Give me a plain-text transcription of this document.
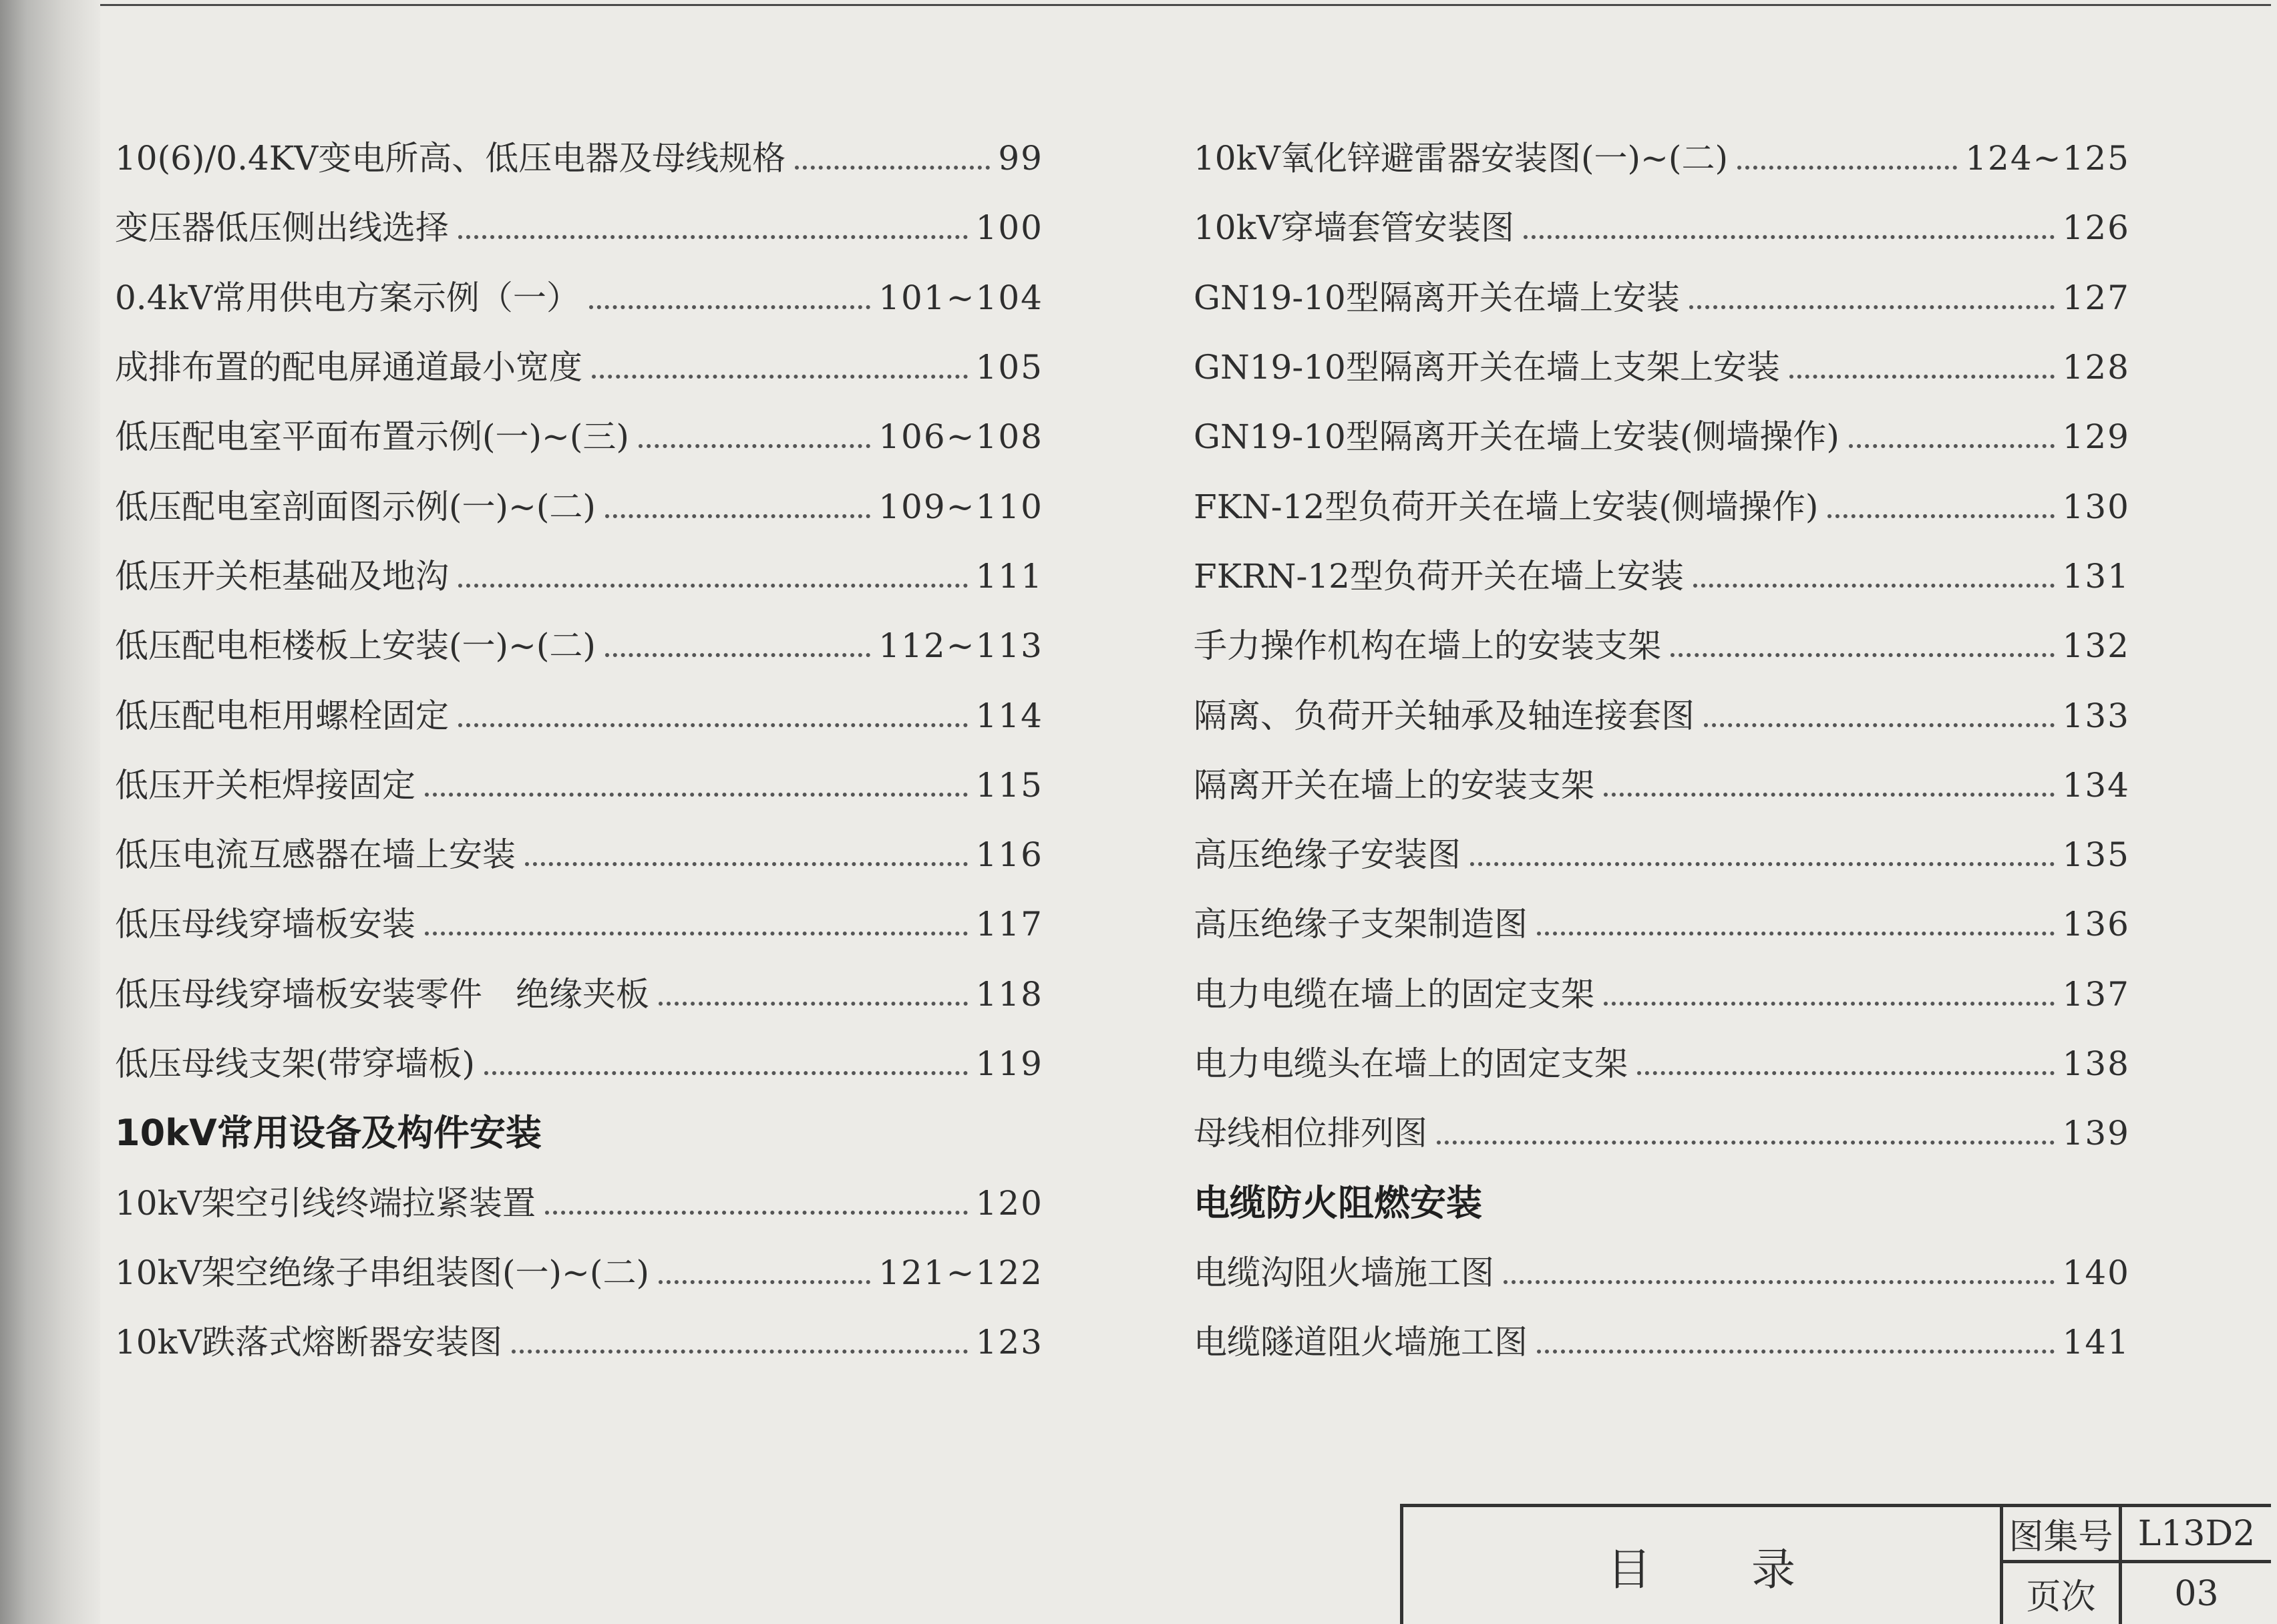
10(6)/0.4KV变电所高、低压电器及母线规格	99
变压器低压侧出线选择	100
0.4kV常用供电方案示例（一）	101~104
成排布置的配电屏通道最小宽度	105
低压配电室平面布置示例(一)~(三)	106~108
低压配电室剖面图示例(一)~(二)	109~110
低压开关柜基础及地沟	111
低压配电柜楼板上安装(一)~(二)	112~113
低压配电柜用螺栓固定	114
低压开关柜焊接固定	115
低压电流互感器在墙上安装	116
低压母线穿墙板安装	117
低压母线穿墙板安装零件　绝缘夹板	118
低压母线支架(带穿墙板)	119
10kV常用设备及构件安装
10kV架空引线终端拉紧装置	120
10kV架空绝缘子串组装图(一)~(二)	121~122
10kV跌落式熔断器安装图	123
10kV氧化锌避雷器安装图(一)~(二)	124~125
10kV穿墙套管安装图	126
GN19-10型隔离开关在墙上安装	127
GN19-10型隔离开关在墙上支架上安装	128
GN19-10型隔离开关在墙上安装(侧墙操作)	129
FKN-12型负荷开关在墙上安装(侧墙操作)	130
FKRN-12型负荷开关在墙上安装	131
手力操作机构在墙上的安装支架	132
隔离、负荷开关轴承及轴连接套图	133
隔离开关在墙上的安装支架	134
高压绝缘子安装图	135
高压绝缘子支架制造图	136
电力电缆在墙上的固定支架	137
电力电缆头在墙上的固定支架	138
母线相位排列图	139
电缆防火阻燃安装
电缆沟阻火墙施工图	140
电缆隧道阻火墙施工图	141
目录
图集号 L13D2
页次	03
